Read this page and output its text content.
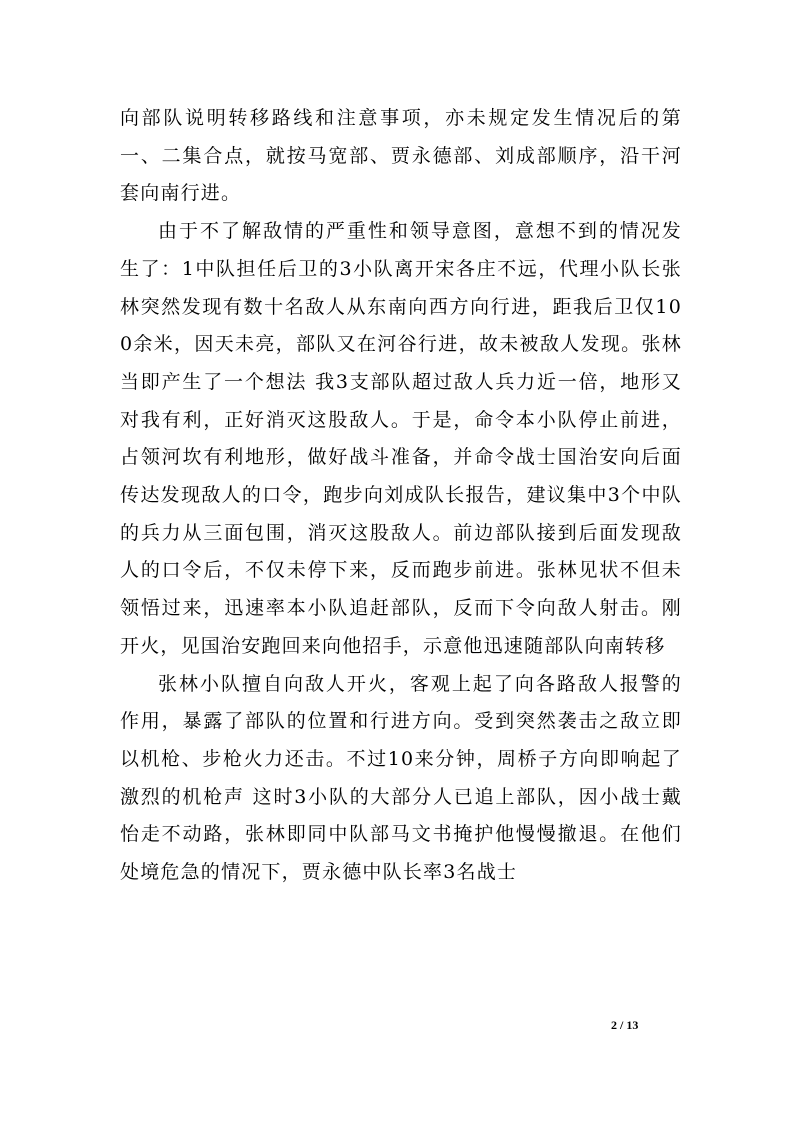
向部队说明转移路线和注意事项，亦未规定发生情况后的第一、二集合点，就按马宽部、贾永德部、刘成部顺序，沿干河套向南行进。

由于不了解敌情的严重性和领导意图，意想不到的情况发生了：1中队担任后卫的3小队离开宋各庄不远，代理小队长张林突然发现有数十名敌人从东南向西方向行进，距我后卫仅100余米，因天未亮，部队又在河谷行进，故未被敌人发现。张林当即产生了一个想法 我3支部队超过敌人兵力近一倍，地形又对我有利，正好消灭这股敌人。于是，命令本小队停止前进，占领河坎有利地形，做好战斗准备，并命令战士国治安向后面传达发现敌人的口令，跑步向刘成队长报告，建议集中3个中队的兵力从三面包围，消灭这股敌人。前边部队接到后面发现敌人的口令后，不仅未停下来，反而跑步前进。张林见状不但未领悟过来，迅速率本小队追赶部队，反而下令向敌人射击。刚开火，见国治安跑回来向他招手，示意他迅速随部队向南转移

张林小队擅自向敌人开火，客观上起了向各路敌人报警的作用，暴露了部队的位置和行进方向。受到突然袭击之敌立即以机枪、步枪火力还击。不过10来分钟，周桥子方向即响起了激烈的机枪声 这时3小队的大部分人已追上部队，因小战士戴怡走不动路，张林即同中队部马文书掩护他慢慢撤退。在他们处境危急的情况下，贾永德中队长率3名战士

2 / 13
